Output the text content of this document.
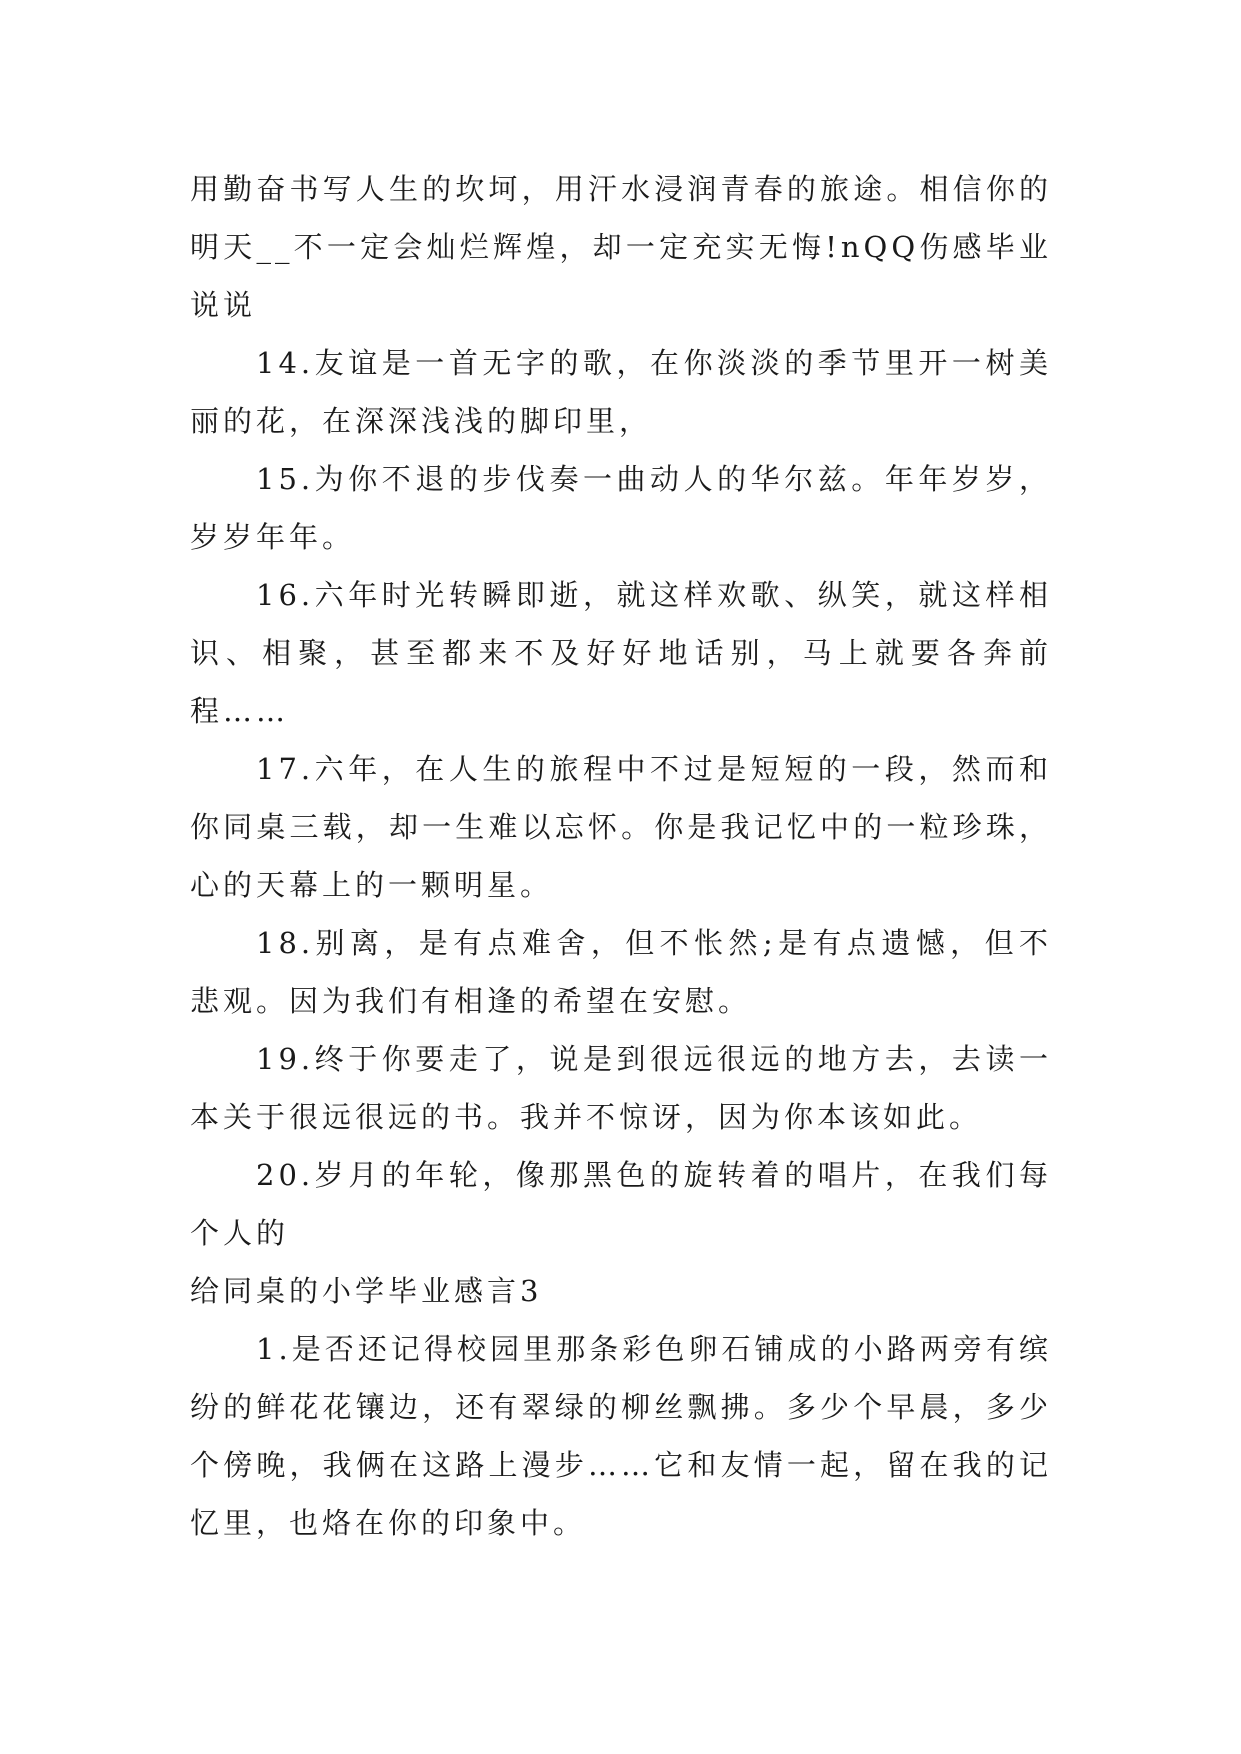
用勤奋书写人生的坎坷，用汗水浸润青春的旅途。相信你的明天__不一定会灿烂辉煌，却一定充实无悔!nQQ伤感毕业说说

14.友谊是一首无字的歌，在你淡淡的季节里开一树美丽的花，在深深浅浅的脚印里，

15.为你不退的步伐奏一曲动人的华尔兹。年年岁岁，岁岁年年。

16.六年时光转瞬即逝，就这样欢歌、纵笑，就这样相识、相聚，甚至都来不及好好地话别，马上就要各奔前程……

17.六年，在人生的旅程中不过是短短的一段，然而和你同桌三载，却一生难以忘怀。你是我记忆中的一粒珍珠，心的天幕上的一颗明星。

18.别离，是有点难舍，但不怅然;是有点遗憾，但不悲观。因为我们有相逢的希望在安慰。

19.终于你要走了，说是到很远很远的地方去，去读一本关于很远很远的书。我并不惊讶，因为你本该如此。

20.岁月的年轮，像那黑色的旋转着的唱片，在我们每个人的

给同桌的小学毕业感言3

1.是否还记得校园里那条彩色卵石铺成的小路两旁有缤纷的鲜花花镶边，还有翠绿的柳丝飘拂。多少个早晨，多少个傍晚，我俩在这路上漫步……它和友情一起，留在我的记忆里，也烙在你的印象中。
